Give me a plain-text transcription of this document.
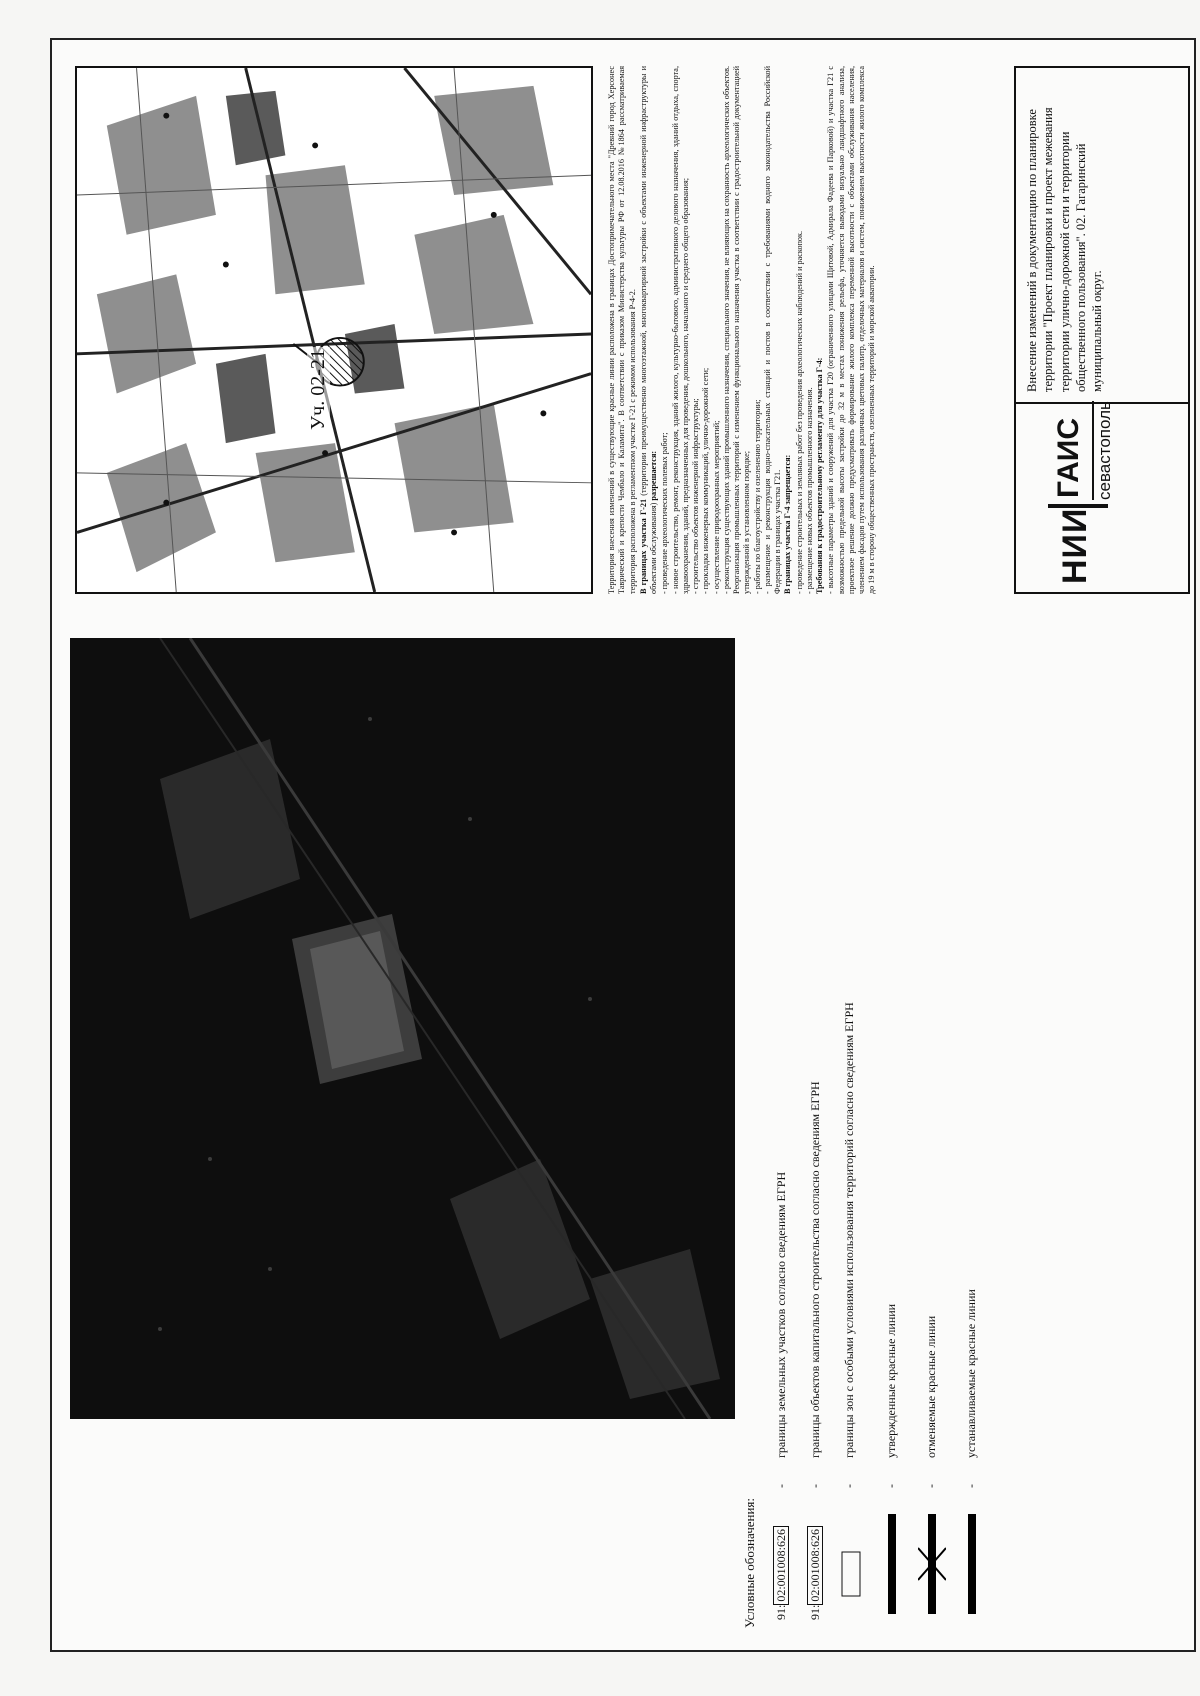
Уч. 02-21	Территория внесения изменений в существующие красные линии расположена в границах Достопримечательного места "Древний город Херсонес Таврический и крепости Чембало и Каламита". В соответствии с приказом Министерства культуры РФ от 12.08.2016 №1864 рассматриваемая территория расположена в регламентном участке Г-21 с режимом использования Р-4-2. В границах участка Г-21 (территории преимущественно многоэтажной, многоквартирной застройки с объектами инженерной инфраструктуры и объектами обслуживания) разрешается:

- проведение археологических полевых работ;
- новое строительство, ремонт, реконструкция, зданий жилого, культурно-бытового, административного делового назначения, зданий отдыха, спорта, здравоохранения, зданий, предназначенных для проведения, дошкольного, начального и среднего общего образования; - строительство объектов инженерной инфраструктуры;
- прокладка инженерных коммуникаций, улично-дорожной сети;
- осуществление природоохранных мероприятий;
- реконструкция существующих зданий промышленного назначения, специального значения, не влияющих на сохранность археологических объектов. Реорганизация промышленных территорий с изменением функционального назначения участка в соответствии с градостроительной документацией утвержденной в установленном порядке; - работы по благоустройству и озеленению территории;
- размещение и реконструкция водно-спасательных станций и постов в соответствии с требованиями водного законодательства Российской Федерации в границах участка Г21. В границах участка Г-4 запрещается: - проведение строительных и земляных работ без проведения археологических наблюдений и раскопок.
- размещение новых объектов промышленного назначения. Требования к градостроительному регламенту для участка Г-4: - высотные параметры зданий и сооружений для участка Г20 (ограниченного улицами Щитовой, Адмирала Фадеева и Парковой) и участка Г21 с возможностью предельной высоты застройки до 32 м в местах понижения рельефа, уточняется выводами визуально ландшафтного анализа, проектное решение должно предусматривать формирование жилого комплекса переменной высотности с объектами обслуживания населения, членением фасадов путем использования различных цветовых палитр, отделочных материалов и систем, понижением высотности жилого комплекса до 19 м в сторону общественных пространств, озелененных территорий и морской акватории.
Условные обозначения:	91:02:001008:626
-
границы земельных участков согласно сведениям ЕГРН
91:02:001008:626
-
границы объектов капитального строительства согласно сведениям ЕГРН
-
границы зон с особыми условиями использования территорий согласно сведениям ЕГРН
-
утвержденные красные линии
-
отменяемые красные линии
-
устанавливаемые красные линии
НИИ
ГАИС севастополь
Внесение изменений в документацию по планировке территории "Проект планировки и проект межевания территории улично-дорожной сети и территории общественного пользования". 02. Гагаринский муниципальный округ.
